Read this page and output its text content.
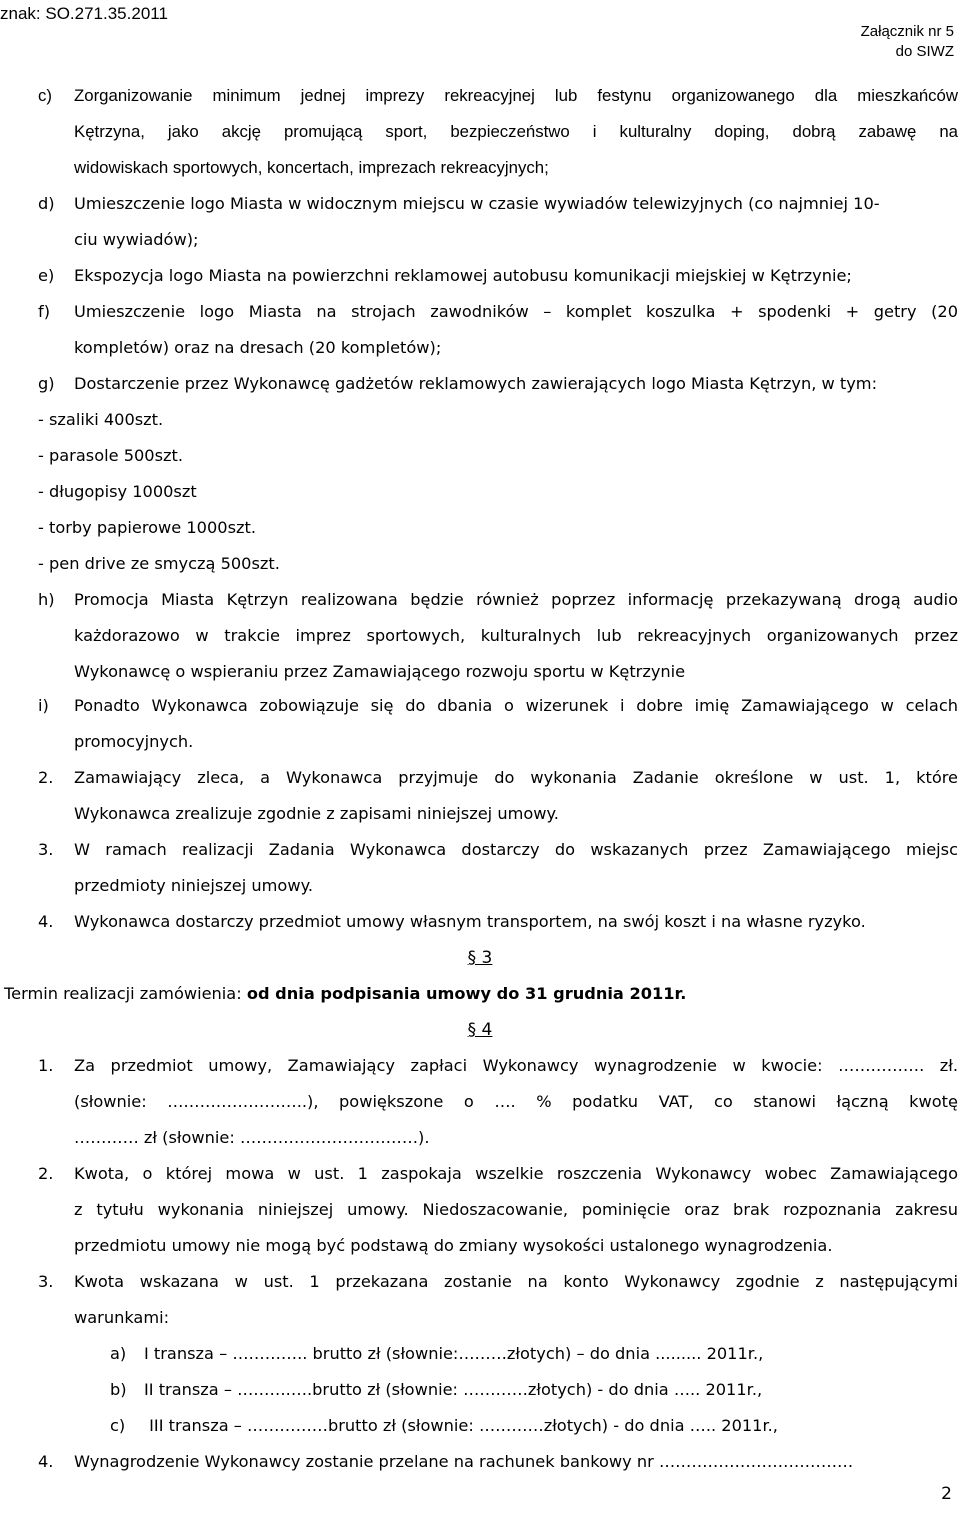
znak: SO.271.35.2011
Załącznik nr 5
do SIWZ
c) Zorganizowanie minimum jednej imprezy rekreacyjnej lub festynu organizowanego dla mieszkańców
Kętrzyna, jako akcję promującą sport, bezpieczeństwo i kulturalny doping, dobrą zabawę na
widowiskach sportowych, koncertach, imprezach rekreacyjnych;
d) Umieszczenie logo Miasta w widocznym miejscu w czasie wywiadów telewizyjnych (co najmniej 10-
ciu wywiadów);
e) Ekspozycja logo Miasta na powierzchni reklamowej autobusu komunikacji miejskiej w Kętrzynie;
f) Umieszczenie logo Miasta na strojach zawodników – komplet koszulka + spodenki + getry (20
kompletów) oraz na dresach (20 kompletów);
g) Dostarczenie przez Wykonawcę gadżetów reklamowych zawierających logo Miasta Kętrzyn, w tym:
- szaliki 400szt.
- parasole 500szt.
- długopisy 1000szt
- torby papierowe 1000szt.
- pen drive ze smyczą 500szt.
h) Promocja Miasta Kętrzyn realizowana będzie również poprzez informację przekazywaną drogą audio
każdorazowo w trakcie imprez sportowych, kulturalnych lub rekreacyjnych organizowanych przez
Wykonawcę o wspieraniu przez Zamawiającego rozwoju sportu w Kętrzynie
i) Ponadto Wykonawca zobowiązuje się do dbania o wizerunek i dobre imię Zamawiającego w celach
promocyjnych.
2. Zamawiający zleca, a Wykonawca przyjmuje do wykonania Zadanie określone w ust. 1, które
Wykonawca zrealizuje zgodnie z zapisami niniejszej umowy.
3. W ramach realizacji Zadania Wykonawca dostarczy do wskazanych przez Zamawiającego miejsc
przedmioty niniejszej umowy.
4. Wykonawca dostarczy przedmiot umowy własnym transportem, na swój koszt i na własne ryzyko.
§ 3
Termin realizacji zamówienia: od dnia podpisania umowy do 31 grudnia 2011r.
§ 4
1. Za przedmiot umowy, Zamawiający zapłaci Wykonawcy wynagrodzenie w kwocie: ……………. zł.
(słownie: ……………………..), powiększone o …. % podatku VAT, co stanowi łączną kwotę
………… zł (słownie: ……………………………).
2. Kwota, o której mowa w ust. 1 zaspokaja wszelkie roszczenia Wykonawcy wobec Zamawiającego
z tytułu wykonania niniejszej umowy. Niedoszacowanie, pominięcie oraz brak rozpoznania zakresu
przedmiotu umowy nie mogą być podstawą do zmiany wysokości ustalonego wynagrodzenia.
3. Kwota wskazana w ust. 1 przekazana zostanie na konto Wykonawcy zgodnie z następującymi
warunkami:
a) I transza – ………….. brutto zł (słownie:………złotych) – do dnia ......... 2011r.,
b) II transza – ……….….brutto zł (słownie: …………złotych) - do dnia ….. 2011r.,
c) III transza – ……………brutto zł (słownie: …………złotych) - do dnia ….. 2011r.,
4. Wynagrodzenie Wykonawcy zostanie przelane na rachunek bankowy nr ………………………………
2
